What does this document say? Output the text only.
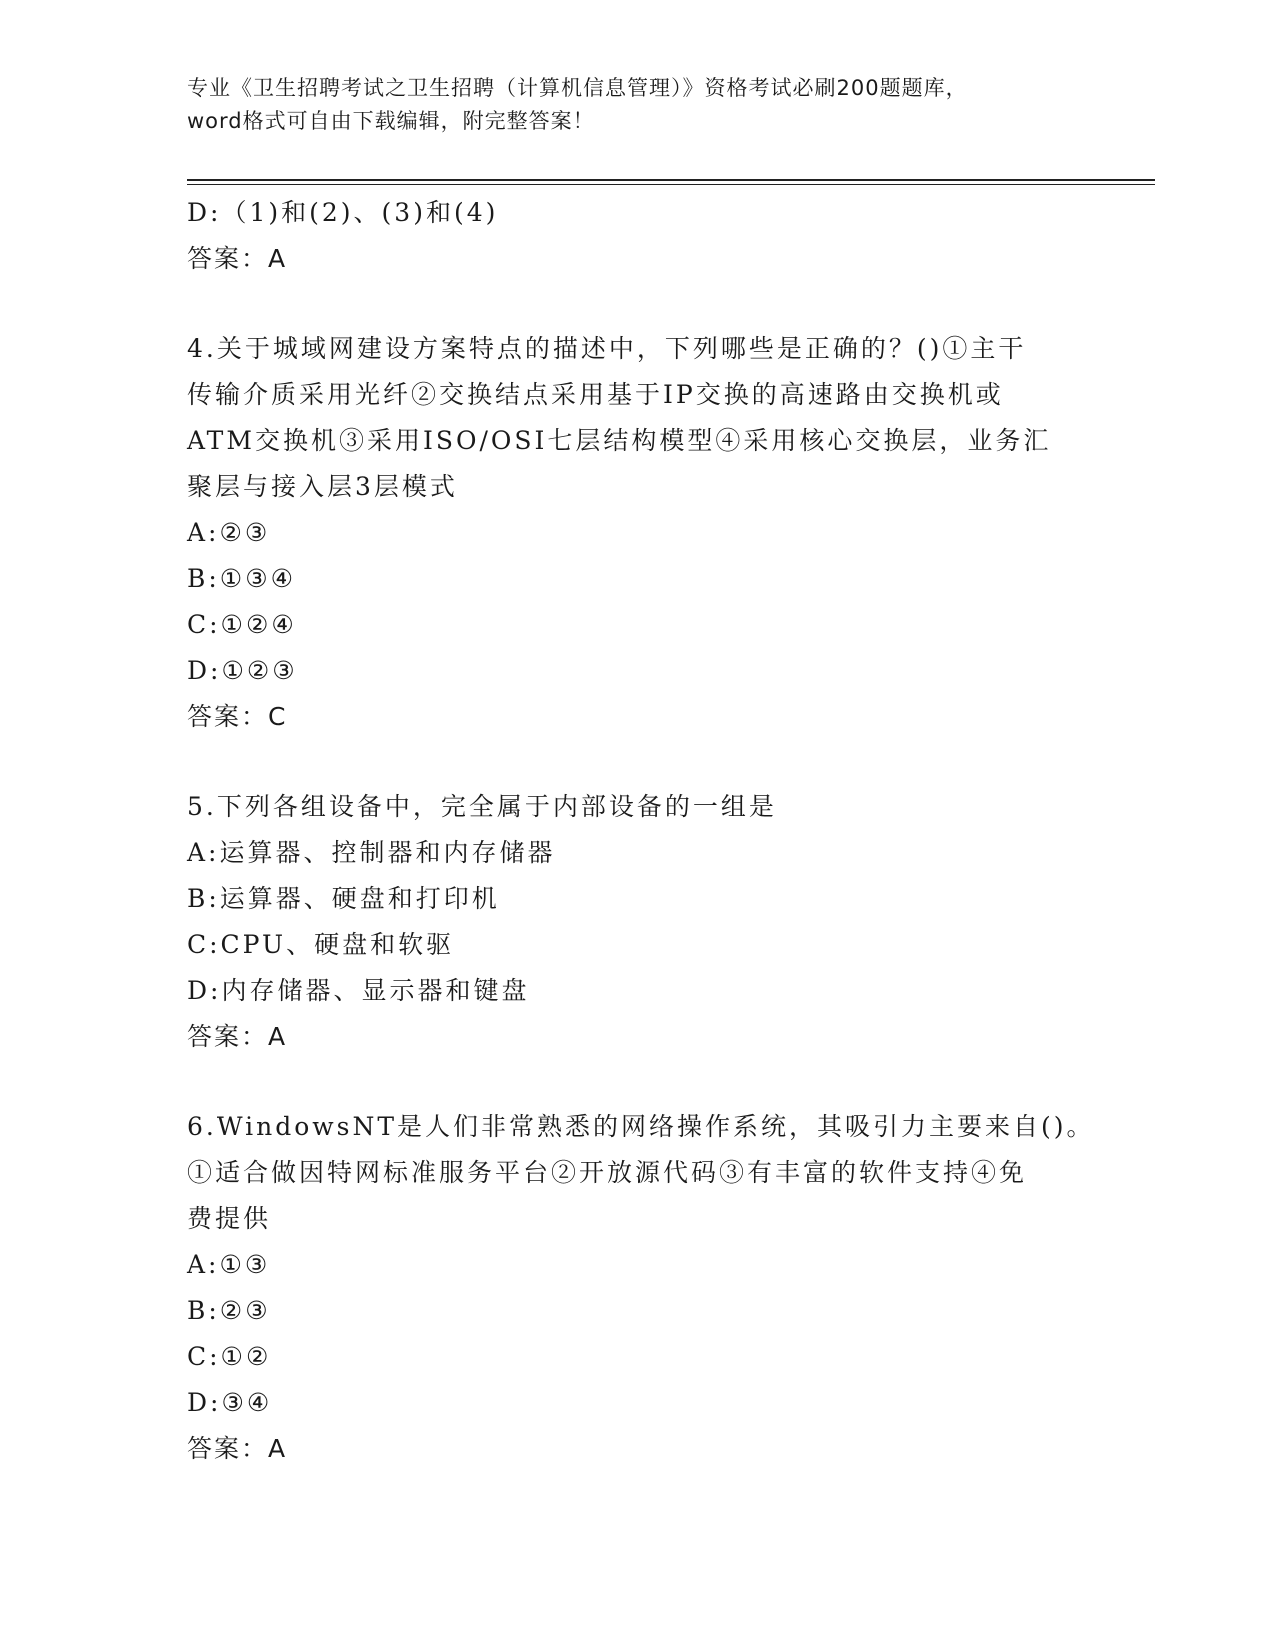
专业《卫生招聘考试之卫生招聘（计算机信息管理）》资格考试必刷200题题库，
word格式可自由下载编辑，附完整答案！
D:（1)和(2)、(3)和(4)
答案：A
4.关于城域网建设方案特点的描述中，下列哪些是正确的？()①主干
传输介质采用光纤②交换结点采用基于IP交换的高速路由交换机或
ATM交换机③采用ISO/OSI七层结构模型④采用核心交换层，业务汇
聚层与接入层3层模式
A:②③
B:①③④
C:①②④
D:①②③
答案：C
5.下列各组设备中，完全属于内部设备的一组是
A:运算器、控制器和内存储器
B:运算器、硬盘和打印机
C:CPU、硬盘和软驱
D:内存储器、显示器和键盘
答案：A
6.WindowsNT是人们非常熟悉的网络操作系统，其吸引力主要来自()。
①适合做因特网标准服务平台②开放源代码③有丰富的软件支持④免
费提供
A:①③
B:②③
C:①②
D:③④
答案：A
